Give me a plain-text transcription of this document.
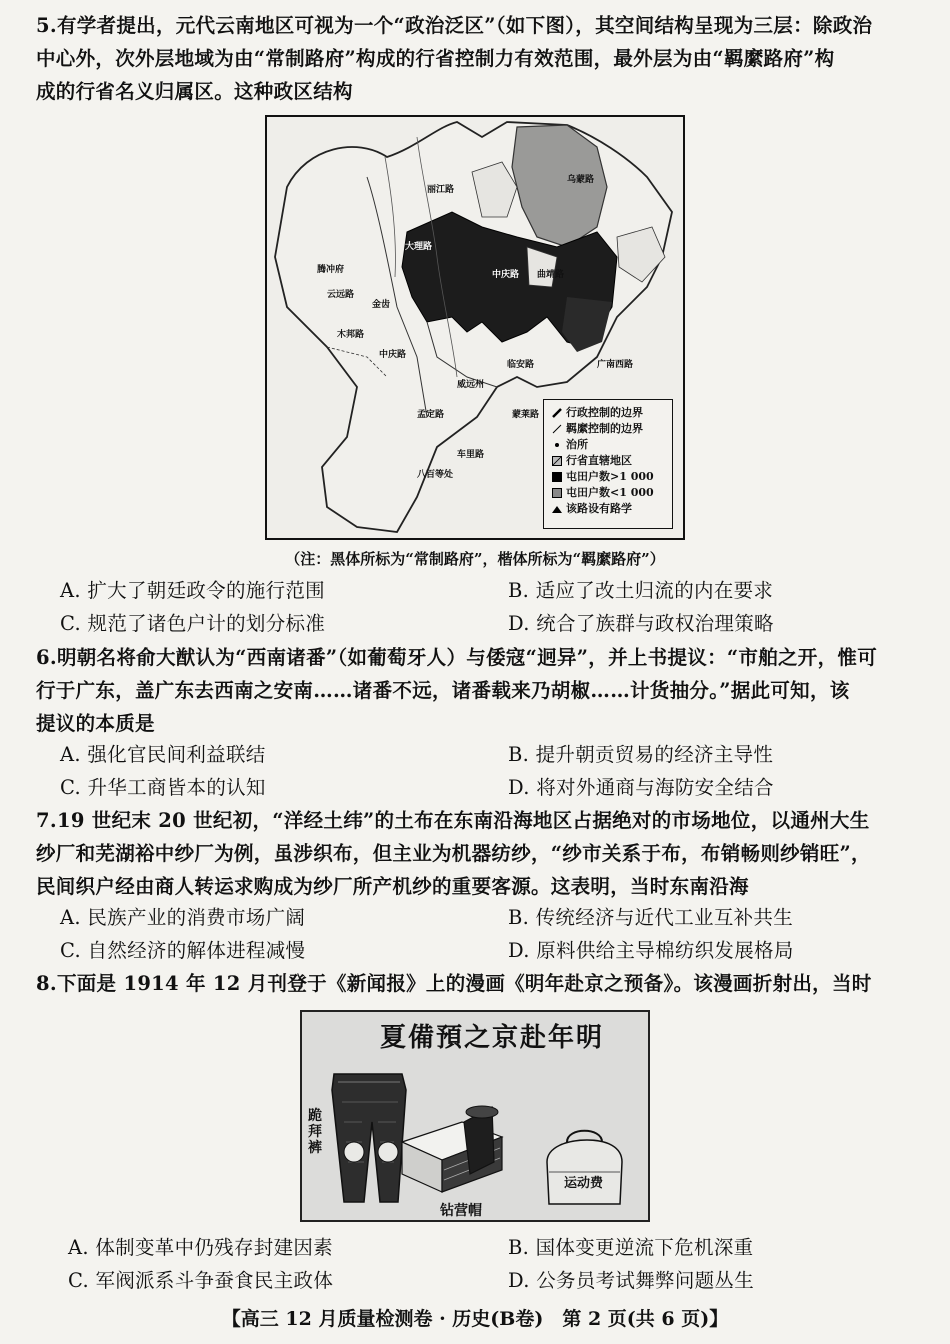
5.有学者提出，元代云南地区可视为一个“政治泛区”（如下图），其空间结构呈现为三层：除政治
中心外，次外层地域为由“常制路府”构成的行省控制力有效范围，最外层为由“羁縻路府”构
成的行省名义归属区。这种政区结构
大理路
中庆路 曲靖路
云远路
木邦路
八百等处
车里路
广南西路
临安路
丽江路
乌蒙路
腾冲府
金齿
孟定路	蒙莱路
威远州
中庆路
行政控制的边界
羁縻控制的边界
治所
行省直辖地区
屯田户数>1 000
屯田户数<1 000
该路设有路学
（注：黑体所标为“常制路府”，楷体所标为“羁縻路府”）
A. 扩大了朝廷政令的施行范围	B. 适应了改土归流的内在要求
C. 规范了诸色户计的划分标准	D. 统合了族群与政权治理策略
6.明朝名将俞大猷认为“西南诸番”（如葡萄牙人）与倭寇“迥异”，并上书提议：“市舶之开，惟可
行于广东，盖广东去西南之安南……诸番不远，诸番载来乃胡椒……计货抽分。”据此可知，该
提议的本质是
A. 强化官民间利益联结	B. 提升朝贡贸易的经济主导性
C. 升华工商皆本的认知	D. 将对外通商与海防安全结合
7.19 世纪末 20 世纪初，“洋经土纬”的土布在东南沿海地区占据绝对的市场地位，以通州大生
纱厂和芜湖裕中纱厂为例，虽涉织布，但主业为机器纺纱，“纱市关系于布，布销畅则纱销旺”，
民间织户经由商人转运求购成为纱厂所产机纱的重要客源。这表明，当时东南沿海
A. 民族产业的消费市场广阔	B. 传统经济与近代工业互补共生
C. 自然经济的解体进程减慢	D. 原料供给主导棉纺织发展格局
8.下面是 1914 年 12 月刊登于《新闻报》上的漫画《明年赴京之预备》。该漫画折射出，当时
夏備預之京赴年明
跪拜裤
钻营帽
运动费
A. 体制变革中仍残存封建因素	B. 国体变更逆流下危机深重
C. 军阀派系斗争蚕食民主政体	D. 公务员考试舞弊问题丛生
【高三 12 月质量检测卷 · 历史(B卷)　第 2 页(共 6 页)】
